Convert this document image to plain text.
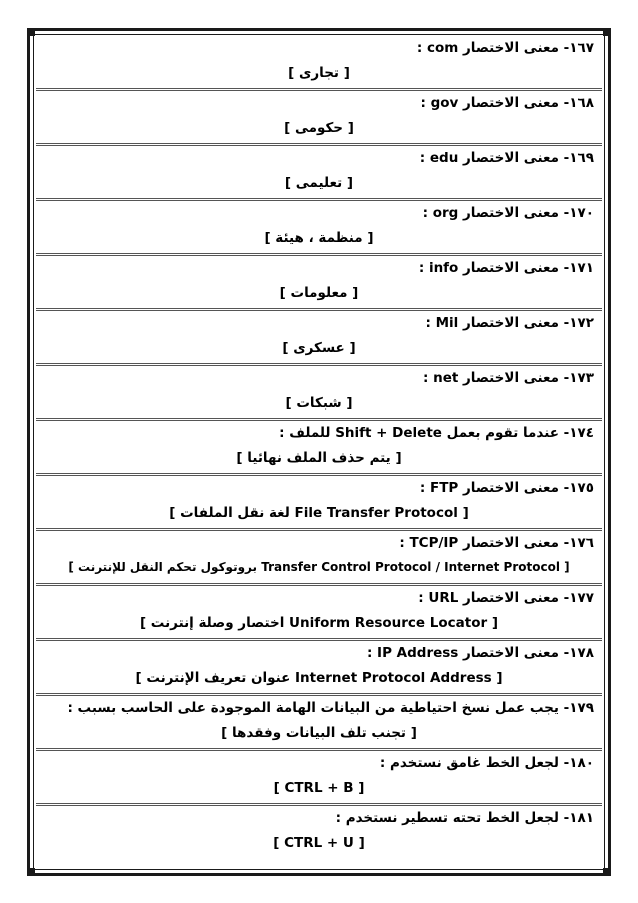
١٦٧- معنى الاختصار com :
[ تجارى ]
١٦٨- معنى الاختصار gov :
[ حكومى ]
١٦٩- معنى الاختصار edu :
[ تعليمى ]
١٧٠- معنى الاختصار org :
[ منظمة ، هيئة ]
١٧١- معنى الاختصار info :
[ معلومات ]
١٧٢- معنى الاختصار Mil :
[ عسكرى ]
١٧٣- معنى الاختصار net :
[ شبكات ]
١٧٤- عندما تقوم بعمل Shift + Delete للملف :
[ يتم حذف الملف نهائيا ]
١٧٥- معنى الاختصار FTP :
[ File Transfer Protocol لغة نقل الملفات ]
١٧٦- معنى الاختصار TCP/IP :
[ Transfer Control Protocol / Internet Protocol بروتوكول تحكم النقل للإنترنت ]
١٧٧- معنى الاختصار URL :
[ Uniform Resource Locator اختصار وصلة إنترنت ]
١٧٨- معنى الاختصار IP Address :
[ Internet Protocol Address عنوان تعريف الإنترنت ]
١٧٩- يجب عمل نسخ احتياطية من البيانات الهامة الموجودة على الحاسب بسبب :
[ تجنب تلف البيانات وفقدها ]
١٨٠- لجعل الخط غامق نستخدم :
[ CTRL + B ]
١٨١- لجعل الخط تحته تسطير نستخدم :
[ CTRL + U ]
